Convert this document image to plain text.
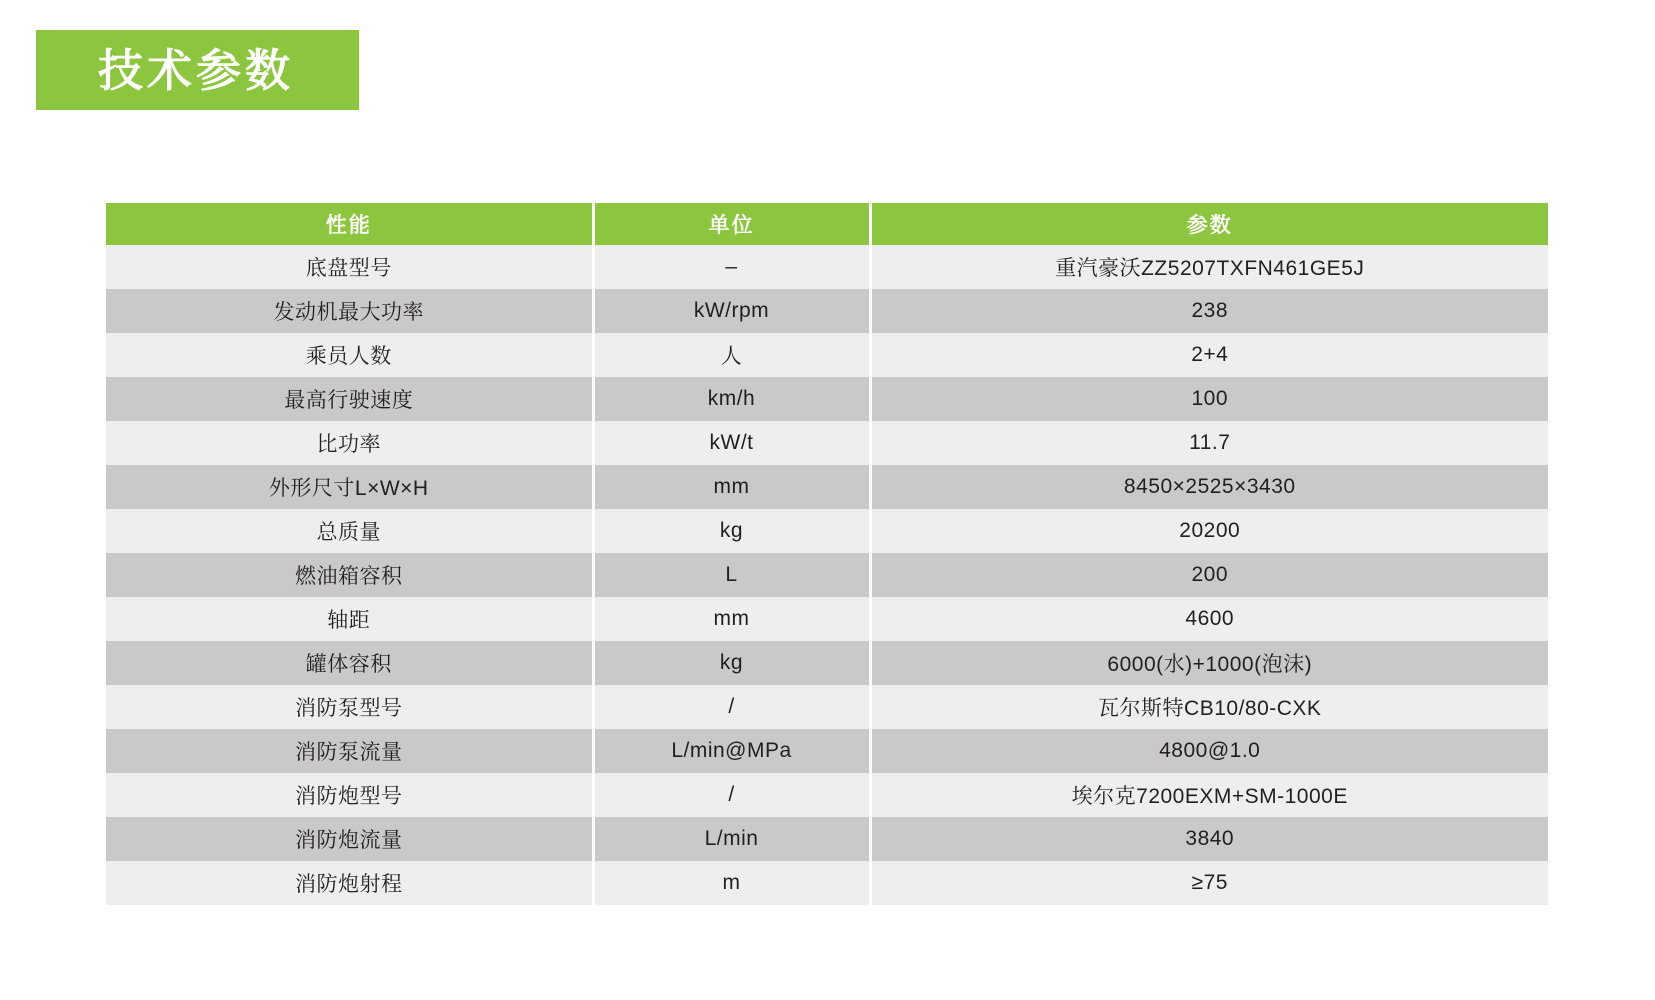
技术参数
性能	单位	参数
底盘型号	–	重汽豪沃ZZ5207TXFN461GE5J
发动机最大功率	kW/rpm	238
乘员人数	人	2+4
最高行驶速度	km/h	100
比功率	kW/t	11.7
外形尺寸L×W×H	mm	8450×2525×3430
总质量	kg	20200
燃油箱容积	L	200
轴距	mm	4600
罐体容积	kg	6000(水)+1000(泡沫)
消防泵型号	/	瓦尔斯特CB10/80-CXK
消防泵流量	L/min@MPa	4800@1.0
消防炮型号	/	埃尔克7200EXM+SM-1000E
消防炮流量	L/min	3840
消防炮射程	m	≥75
